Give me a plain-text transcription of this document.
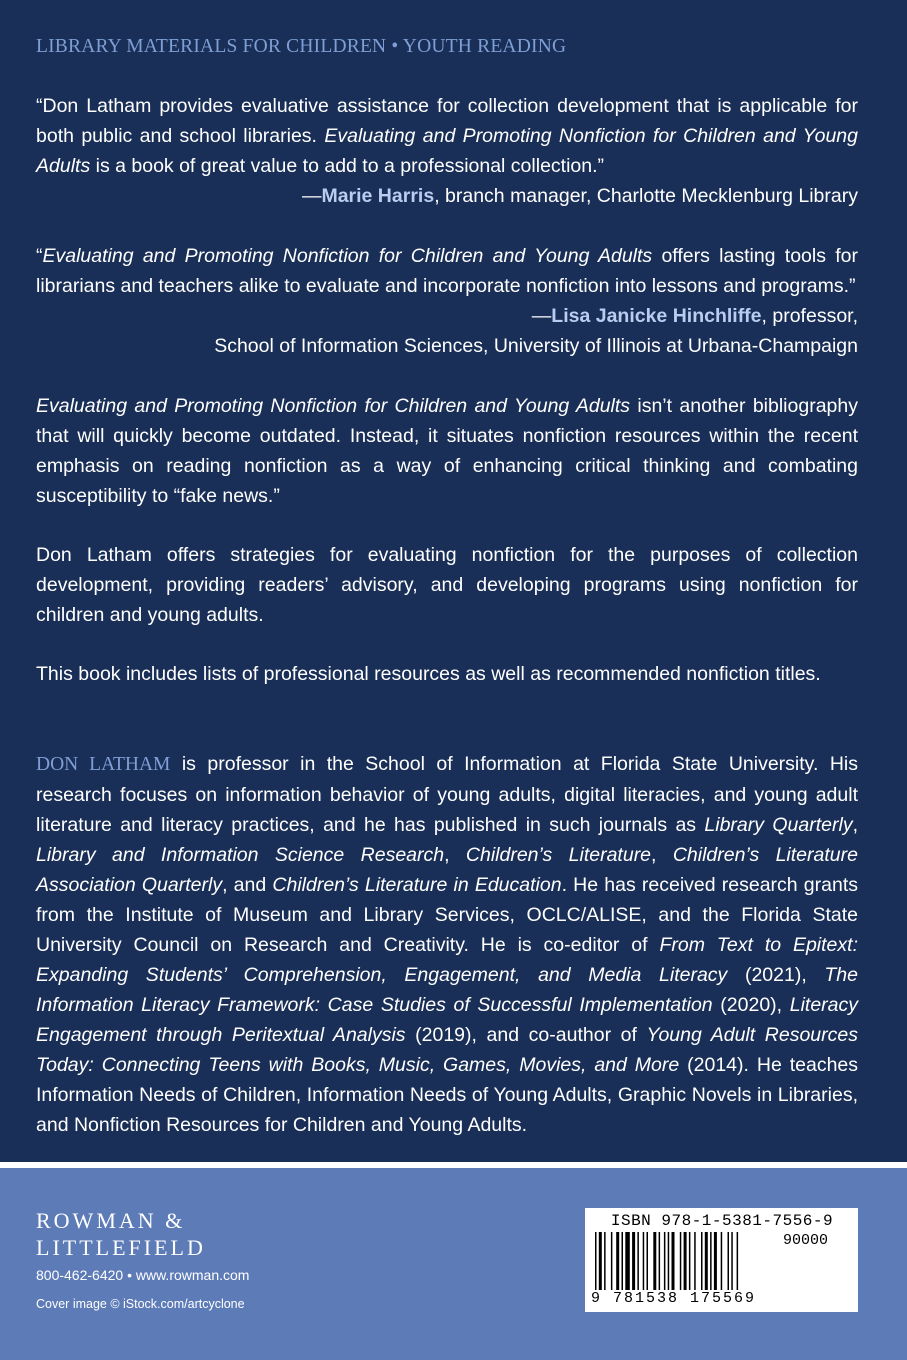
LIBRARY MATERIALS FOR CHILDREN • YOUTH READING
“Don Latham provides evaluative assistance for collection development that is applicable for both public and school libraries. Evaluating and Promoting Nonfiction for Children and Young Adults is a book of great value to add to a professional collection.”
—Marie Harris, branch manager, Charlotte Mecklenburg Library
“Evaluating and Promoting Nonfiction for Children and Young Adults offers lasting tools for librarians and teachers alike to evaluate and incorporate nonfiction into lessons and programs.”
—Lisa Janicke Hinchliffe, professor,
School of Information Sciences, University of Illinois at Urbana-Champaign
Evaluating and Promoting Nonfiction for Children and Young Adults isn’t another bibliography that will quickly become outdated. Instead, it situates nonfiction resources within the recent emphasis on reading nonfiction as a way of enhancing critical thinking and combating susceptibility to “fake news.”
Don Latham offers strategies for evaluating nonfiction for the purposes of collection development, providing readers’ advisory, and developing programs using nonfiction for children and young adults.
This book includes lists of professional resources as well as recommended nonfiction titles.
DON LATHAM is professor in the School of Information at Florida State University. His research focuses on information behavior of young adults, digital literacies, and young adult literature and literacy practices, and he has published in such journals as Library Quarterly, Library and Information Science Research, Children’s Literature, Children’s Literature Association Quarterly, and Children’s Literature in Education. He has received research grants from the Institute of Museum and Library Services, OCLC/ALISE, and the Florida State University Council on Research and Creativity. He is co-editor of From Text to Epitext: Expanding Students’ Comprehension, Engagement, and Media Literacy (2021), The Information Literacy Framework: Case Studies of Successful Implementation (2020), Literacy Engagement through Peritextual Analysis (2019), and co-author of Young Adult Resources Today: Connecting Teens with Books, Music, Games, Movies, and More (2014). He teaches Information Needs of Children, Information Needs of Young Adults, Graphic Novels in Libraries, and Nonfiction Resources for Children and Young Adults.
ROWMAN &
LITTLEFIELD
800-462-6420 • www.rowman.com
Cover image © iStock.com/artcyclone
ISBN 978-1-5381-7556-9
90000
9 781538 175569
